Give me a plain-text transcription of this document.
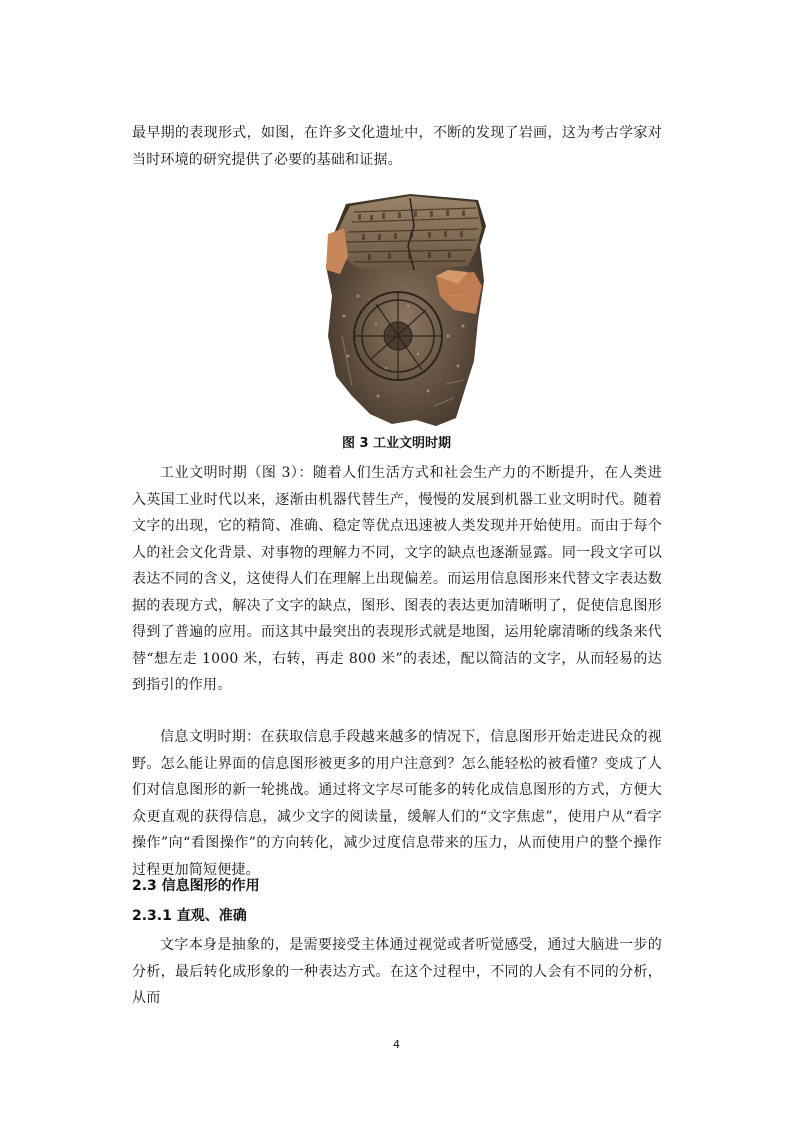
最早期的表现形式，如图，在许多文化遗址中，不断的发现了岩画，这为考古学家对当时环境的研究提供了必要的基础和证据。

图 3 工业文明时期

工业文明时期（图 3）：随着人们生活方式和社会生产力的不断提升，在人类进入英国工业时代以来，逐渐由机器代替生产，慢慢的发展到机器工业文明时代。随着文字的出现，它的精简、准确、稳定等优点迅速被人类发现并开始使用。而由于每个人的社会文化背景、对事物的理解力不同，文字的缺点也逐渐显露。同一段文字可以表达不同的含义，这使得人们在理解上出现偏差。而运用信息图形来代替文字表达数据的表现方式，解决了文字的缺点，图形、图表的表达更加清晰明了，促使信息图形得到了普遍的应用。而这其中最突出的表现形式就是地图，运用轮廓清晰的线条来代替“想左走 1000 米，右转，再走 800 米”的表述，配以简洁的文字，从而轻易的达到指引的作用。

信息文明时期：在获取信息手段越来越多的情况下，信息图形开始走进民众的视野。怎么能让界面的信息图形被更多的用户注意到？怎么能轻松的被看懂？变成了人们对信息图形的新一轮挑战。通过将文字尽可能多的转化成信息图形的方式，方便大众更直观的获得信息，减少文字的阅读量，缓解人们的“文字焦虑”，使用户从“看字操作”向“看图操作”的方向转化，减少过度信息带来的压力，从而使用户的整个操作过程更加简短便捷。

2.3 信息图形的作用
2.3.1 直观、准确

文字本身是抽象的，是需要接受主体通过视觉或者听觉感受，通过大脑进一步的分析，最后转化成形象的一种表达方式。在这个过程中，不同的人会有不同的分析，从而

4
